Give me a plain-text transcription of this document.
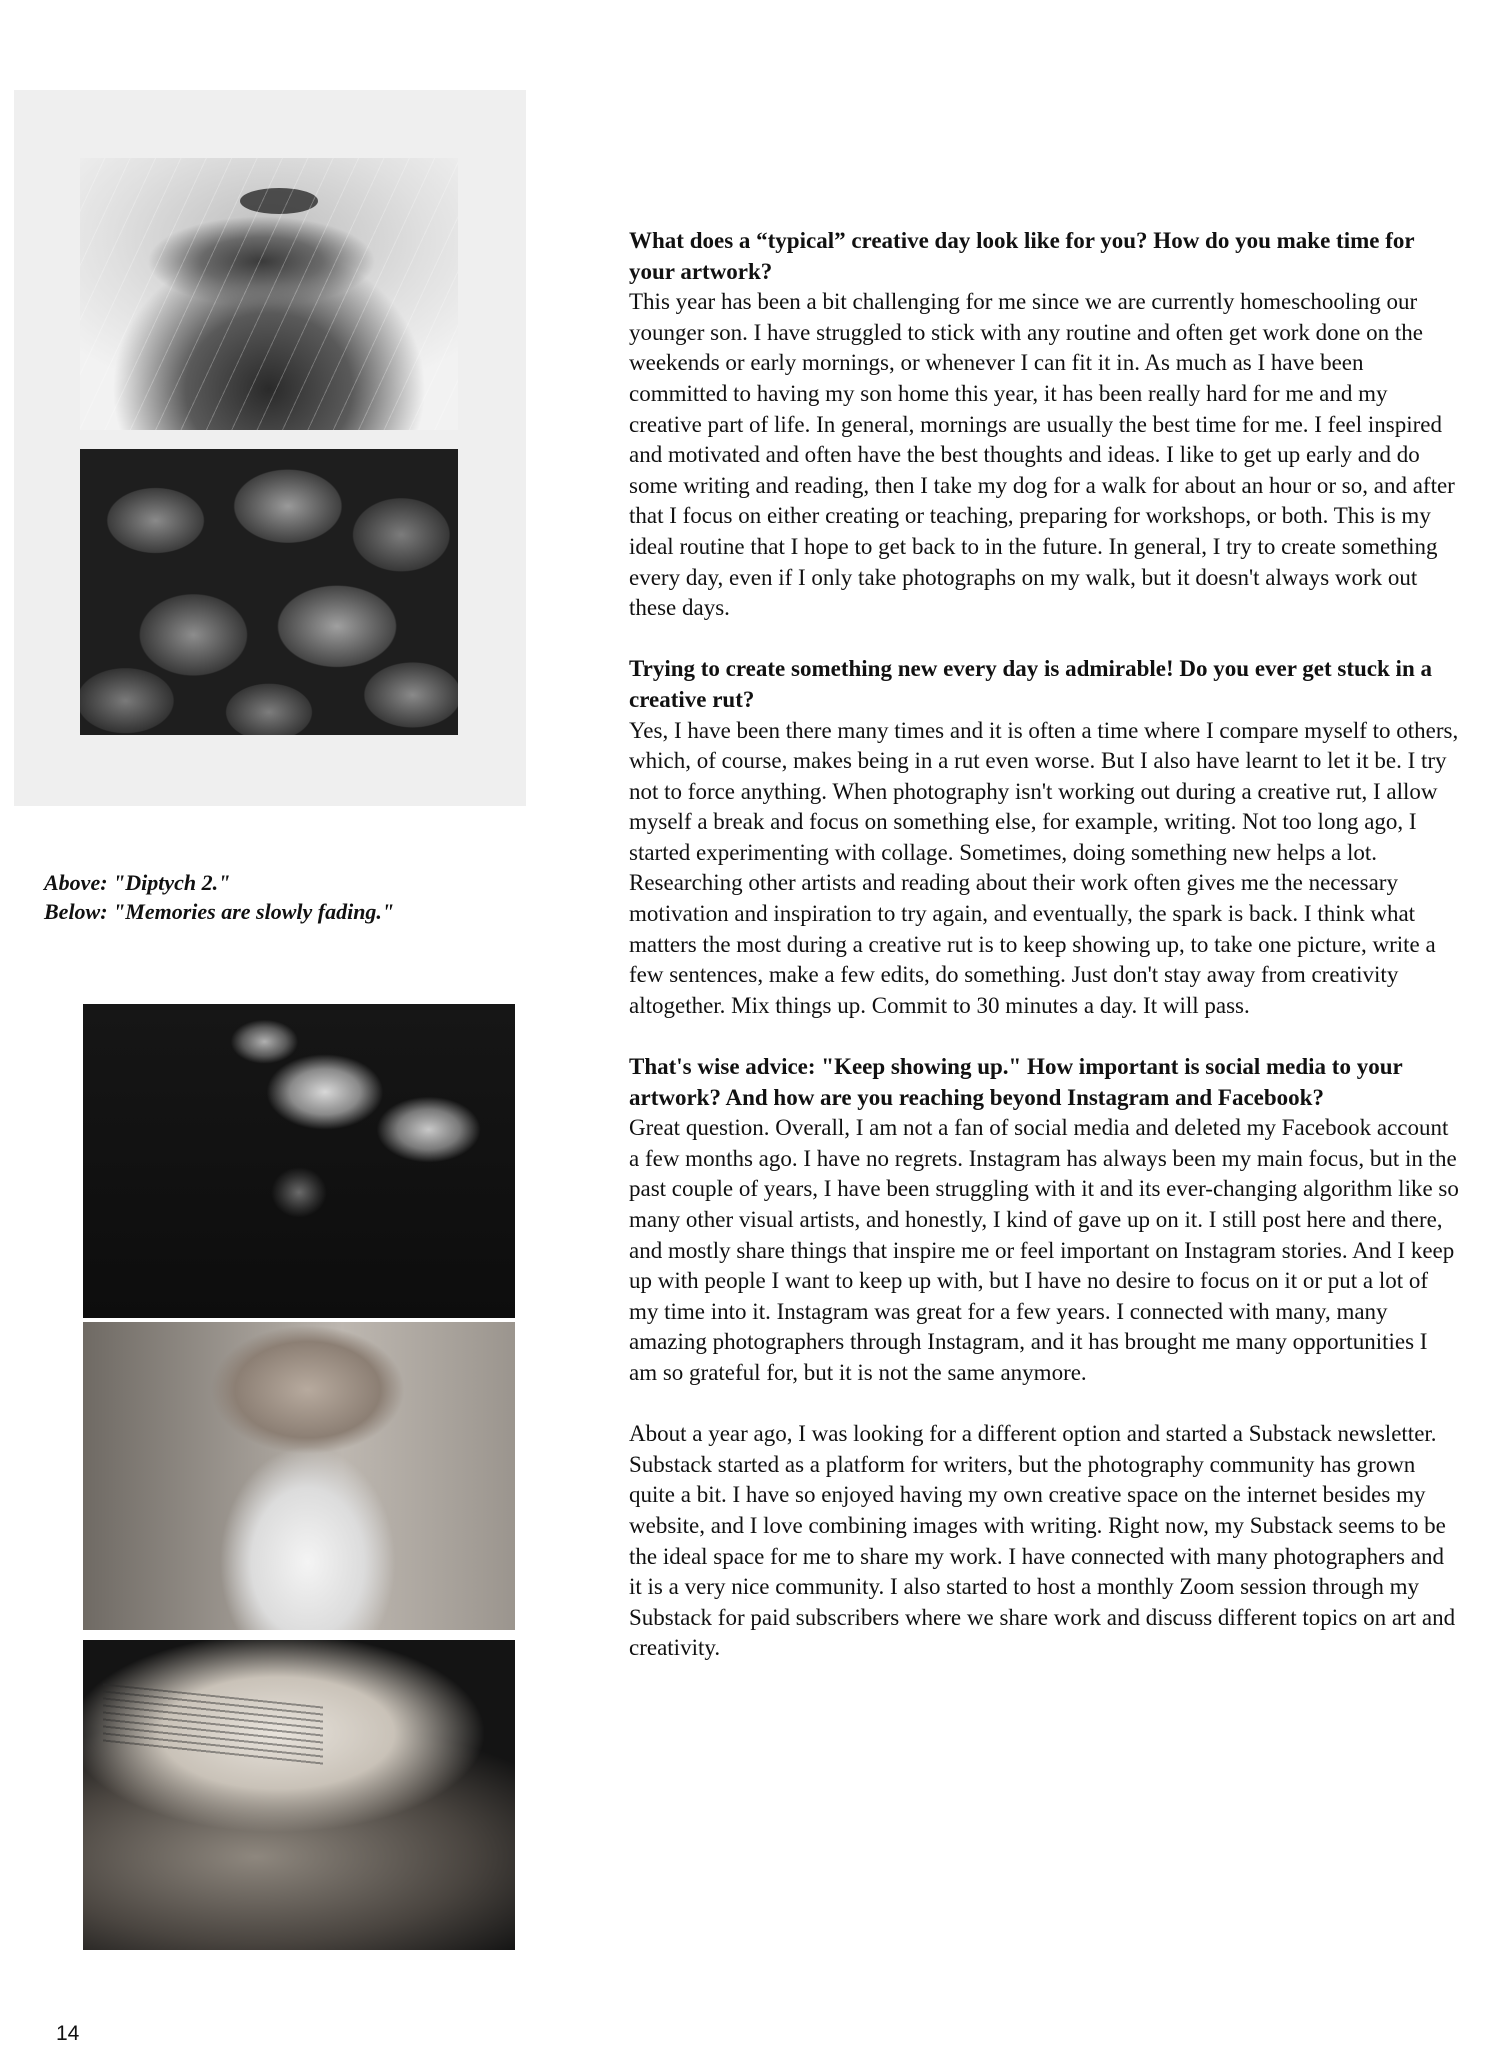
Above: "Diptych 2."
Below: "Memories are slowly fading."
What does a “typical” creative day look like for you? How do you make time for your artwork?
This year has been a bit challenging for me since we are currently homeschooling our younger son. I have struggled to stick with any routine and often get work done on the weekends or early mornings, or whenever I can fit it in. As much as I have been committed to having my son home this year, it has been really hard for me and my creative part of life. In general, mornings are usually the best time for me. I feel inspired and motivated and often have the best thoughts and ideas. I like to get up early and do some writing and reading, then I take my dog for a walk for about an hour or so, and after that I focus on either creating or teaching, preparing for workshops, or both. This is my ideal routine that I hope to get back to in the future. In general, I try to create something every day, even if I only take photographs on my walk, but it doesn't always work out these days.
Trying to create something new every day is admirable! Do you ever get stuck in a creative rut?
Yes, I have been there many times and it is often a time where I compare myself to others, which, of course, makes being in a rut even worse. But I also have learnt to let it be. I try not to force anything. When photography isn't working out during a creative rut, I allow myself a break and focus on something else, for example, writing. Not too long ago, I started experimenting with collage. Sometimes, doing something new helps a lot. Researching other artists and reading about their work often gives me the necessary motivation and inspiration to try again, and eventually, the spark is back. I think what matters the most during a creative rut is to keep showing up, to take one picture, write a few sentences, make a few edits, do something. Just don't stay away from creativity altogether. Mix things up. Commit to 30 minutes a day. It will pass.
That's wise advice: "Keep showing up." How important is social media to your artwork? And how are you reaching beyond Instagram and Facebook?
Great question. Overall, I am not a fan of social media and deleted my Facebook account a few months ago. I have no regrets. Instagram has always been my main focus, but in the past couple of years, I have been struggling with it and its ever-changing algorithm like so many other visual artists, and honestly, I kind of gave up on it. I still post here and there, and mostly share things that inspire me or feel important on Instagram stories. And I keep up with people I want to keep up with, but I have no desire to focus on it or put a lot of my time into it. Instagram was great for a few years. I connected with many, many amazing photographers through Instagram, and it has brought me many opportunities I am so grateful for, but it is not the same anymore.
About a year ago, I was looking for a different option and started a Substack newsletter. Substack started as a platform for writers, but the photography community has grown quite a bit. I have so enjoyed having my own creative space on the internet besides my website, and I love combining images with writing. Right now, my Substack seems to be the ideal space for me to share my work. I have connected with many photographers and it is a very nice community. I also started to host a monthly Zoom session through my Substack for paid subscribers where we share work and discuss different topics on art and creativity.
14
